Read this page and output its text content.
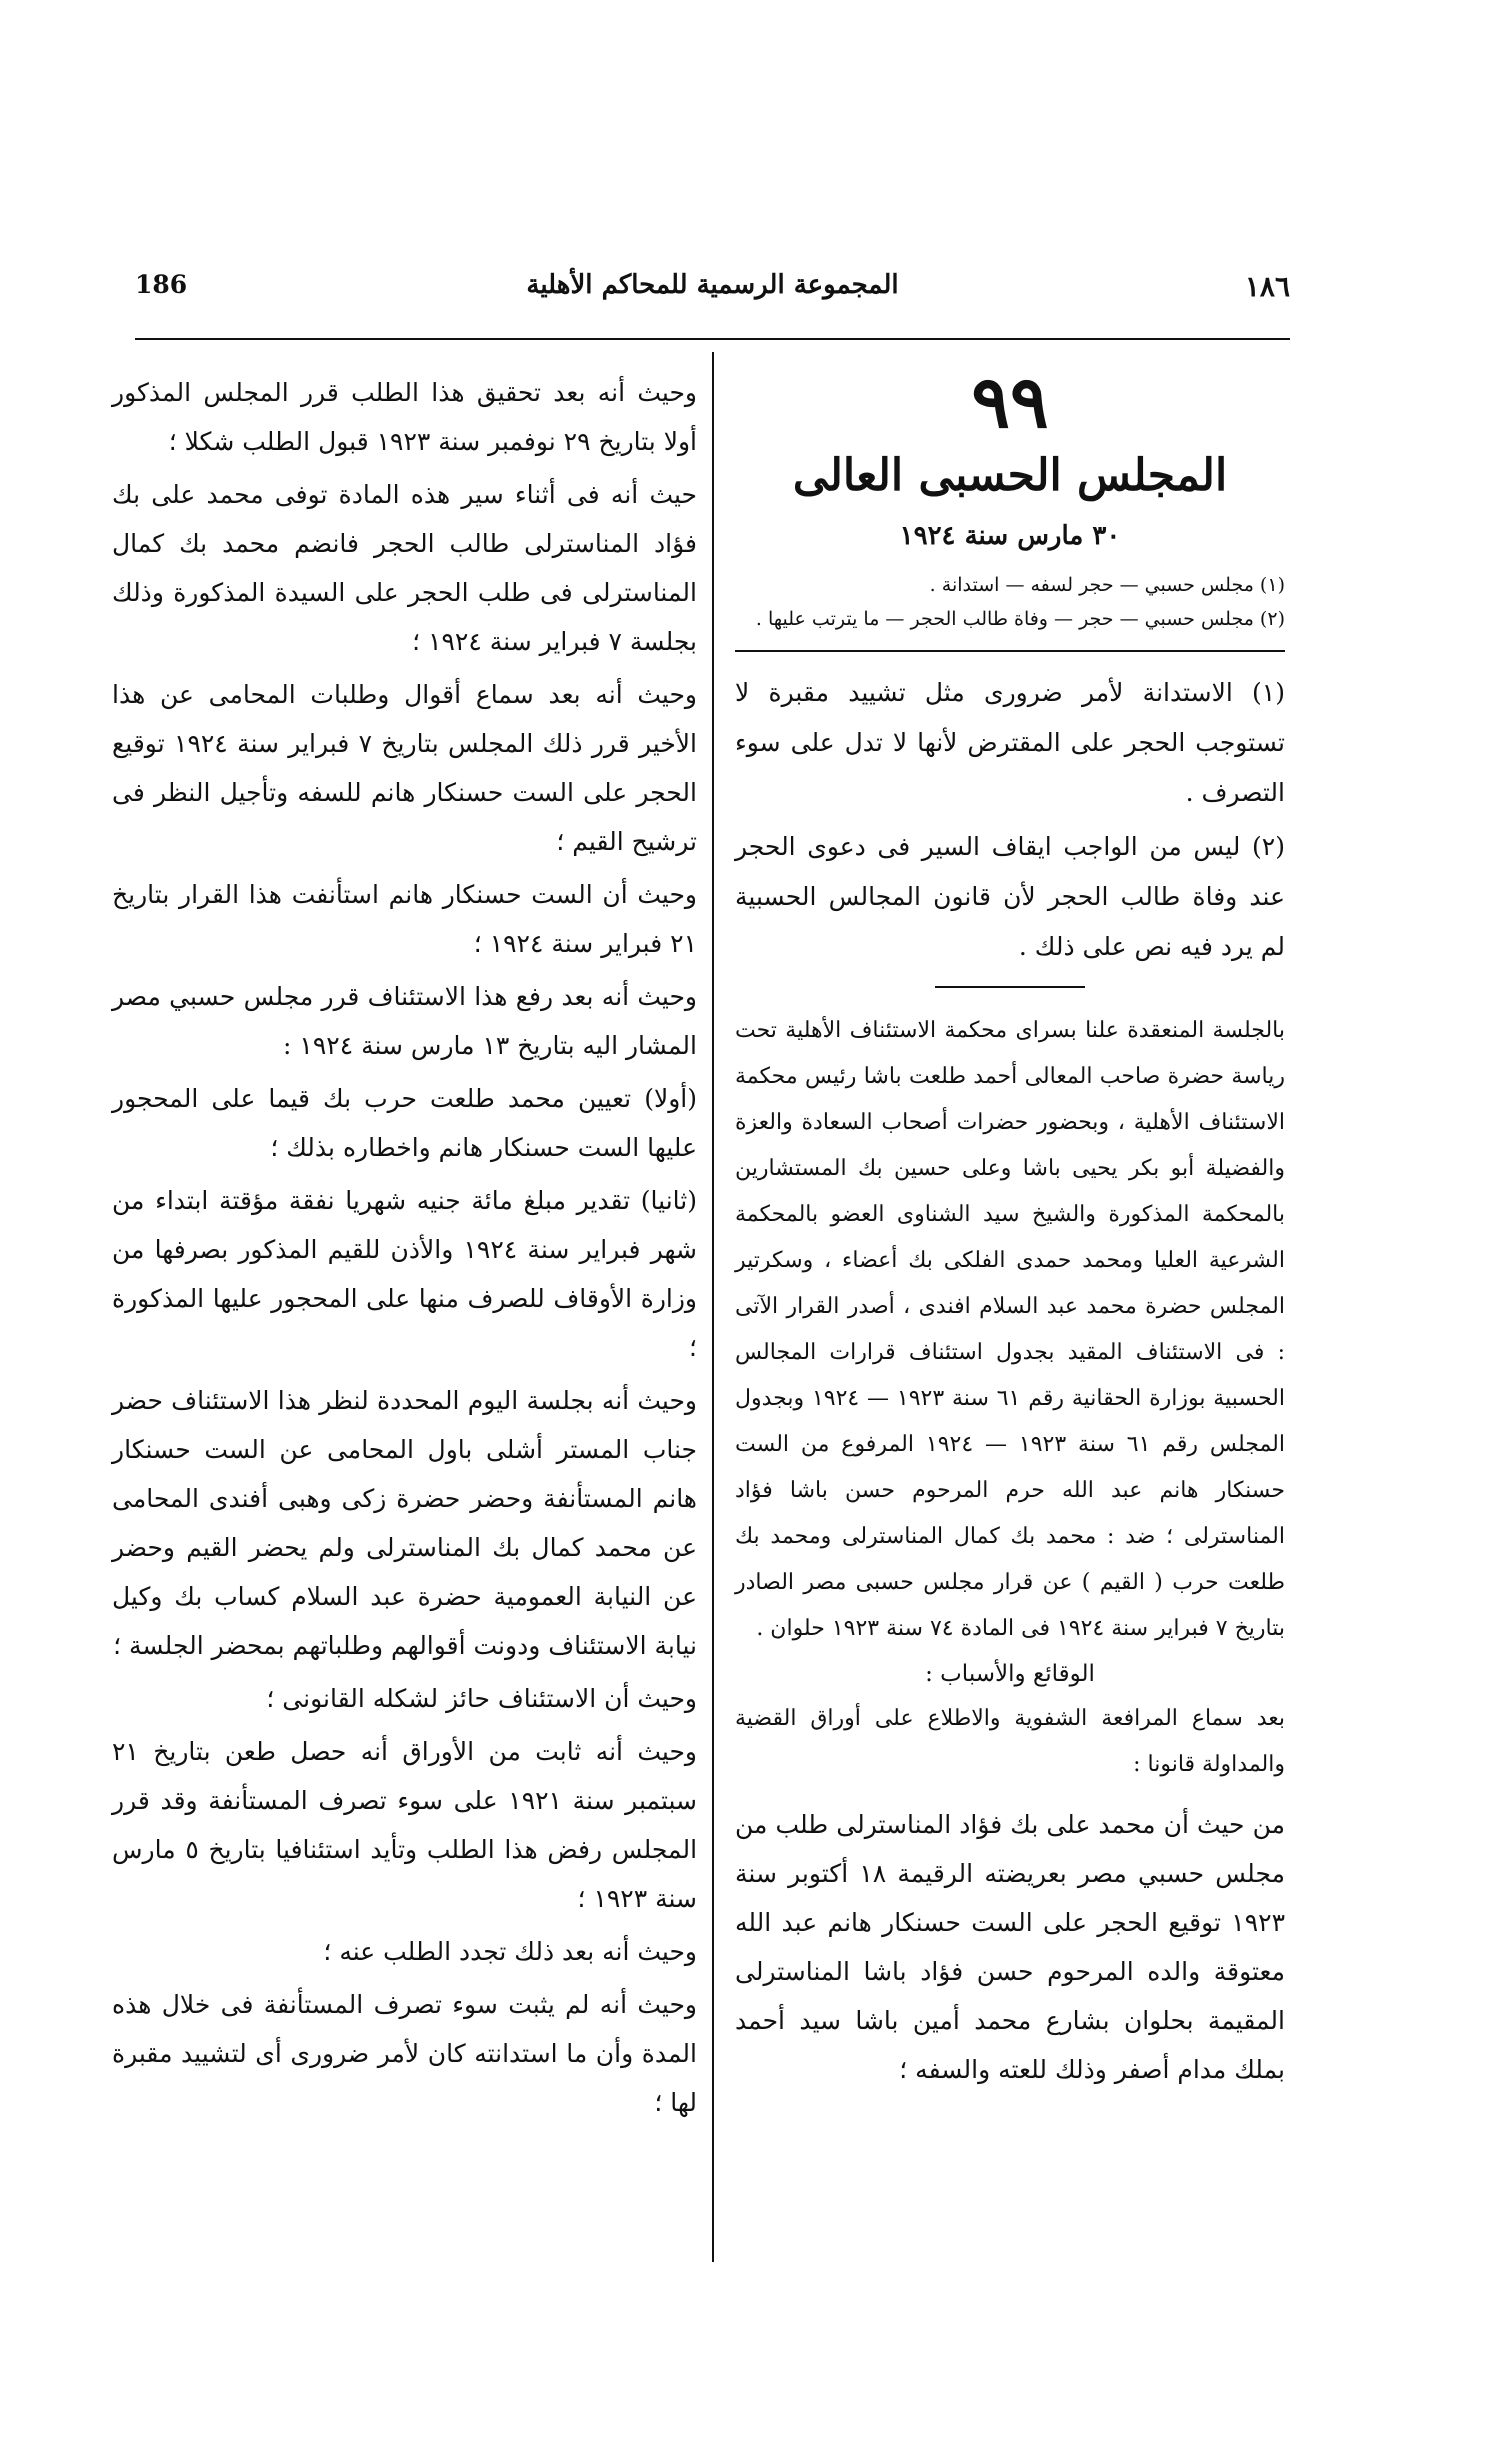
١٨٦
المجموعة الرسمية للمحاكم الأهلية
186
٩٩
المجلس الحسبى العالى
٣٠ مارس سنة ١٩٢٤

(١) مجلس حسبي — حجر لسفه — استدانة .

(٢) مجلس حسبي — حجر — وفاة طالب الحجر — ما يترتب عليها .

(١) الاستدانة لأمر ضرورى مثل تشييد مقبرة لا تستوجب الحجر على المقترض لأنها لا تدل على سوء التصرف .

(٢) ليس من الواجب ايقاف السير فى دعوى الحجر عند وفاة طالب الحجر لأن قانون المجالس الحسبية لم يرد فيه نص على ذلك .

بالجلسة المنعقدة علنا بسراى محكمة الاستئناف الأهلية تحت رياسة حضرة صاحب المعالى أحمد طلعت باشا رئيس محكمة الاستئناف الأهلية ، وبحضور حضرات أصحاب السعادة والعزة والفضيلة أبو بكر يحيى باشا وعلى حسين بك المستشارين بالمحكمة المذكورة والشيخ سيد الشناوى العضو بالمحكمة الشرعية العليا ومحمد حمدى الفلكى بك أعضاء ، وسكرتير المجلس حضرة محمد عبد السلام افندى ، أصدر القرار الآتى : فى الاستئناف المقيد بجدول استئناف قرارات المجالس الحسبية بوزارة الحقانية رقم ٦١ سنة ١٩٢٣ — ١٩٢٤ وبجدول المجلس رقم ٦١ سنة ١٩٢٣ — ١٩٢٤ المرفوع من الست حسنكار هانم عبد الله حرم المرحوم حسن باشا فؤاد المناسترلى ؛ ضد : محمد بك كمال المناسترلى ومحمد بك طلعت حرب ( القيم ) عن قرار مجلس حسبى مصر الصادر بتاريخ ٧ فبراير سنة ١٩٢٤ فى المادة ٧٤ سنة ١٩٢٣ حلوان .

الوقائع والأسباب :

بعد سماع المرافعة الشفوية والاطلاع على أوراق القضية والمداولة قانونا :

من حيث أن محمد على بك فؤاد المناسترلى طلب من مجلس حسبي مصر بعريضته الرقيمة ١٨ أكتوبر سنة ١٩٢٣ توقيع الحجر على الست حسنكار هانم عبد الله معتوقة والده المرحوم حسن فؤاد باشا المناسترلى المقيمة بحلوان بشارع محمد أمين باشا سيد أحمد بملك مدام أصفر وذلك للعته والسفه ؛

وحيث أنه بعد تحقيق هذا الطلب قرر المجلس المذكور أولا بتاريخ ٢٩ نوفمبر سنة ١٩٢٣ قبول الطلب شكلا ؛

حيث أنه فى أثناء سير هذه المادة توفى محمد على بك فؤاد المناسترلى طالب الحجر فانضم محمد بك كمال المناسترلى فى طلب الحجر على السيدة المذكورة وذلك بجلسة ٧ فبراير سنة ١٩٢٤ ؛

وحيث أنه بعد سماع أقوال وطلبات المحامى عن هذا الأخير قرر ذلك المجلس بتاريخ ٧ فبراير سنة ١٩٢٤ توقيع الحجر على الست حسنكار هانم للسفه وتأجيل النظر فى ترشيح القيم ؛

وحيث أن الست حسنكار هانم استأنفت هذا القرار بتاريخ ٢١ فبراير سنة ١٩٢٤ ؛

وحيث أنه بعد رفع هذا الاستئناف قرر مجلس حسبي مصر المشار اليه بتاريخ ١٣ مارس سنة ١٩٢٤ :

(أولا) تعيين محمد طلعت حرب بك قيما على المحجور عليها الست حسنكار هانم واخطاره بذلك ؛

(ثانيا) تقدير مبلغ مائة جنيه شهريا نفقة مؤقتة ابتداء من شهر فبراير سنة ١٩٢٤ والأذن للقيم المذكور بصرفها من وزارة الأوقاف للصرف منها على المحجور عليها المذكورة ؛

وحيث أنه بجلسة اليوم المحددة لنظر هذا الاستئناف حضر جناب المستر أشلى باول المحامى عن الست حسنكار هانم المستأنفة وحضر حضرة زكى وهبى أفندى المحامى عن محمد كمال بك المناسترلى ولم يحضر القيم وحضر عن النيابة العمومية حضرة عبد السلام كساب بك وكيل نيابة الاستئناف ودونت أقوالهم وطلباتهم بمحضر الجلسة ؛

وحيث أن الاستئناف حائز لشكله القانونى ؛

وحيث أنه ثابت من الأوراق أنه حصل طعن بتاريخ ٢١ سبتمبر سنة ١٩٢١ على سوء تصرف المستأنفة وقد قرر المجلس رفض هذا الطلب وتأيد استئنافيا بتاريخ ٥ مارس سنة ١٩٢٣ ؛

وحيث أنه بعد ذلك تجدد الطلب عنه ؛

وحيث أنه لم يثبت سوء تصرف المستأنفة فى خلال هذه المدة وأن ما استدانته كان لأمر ضرورى أى لتشييد مقبرة لها ؛
